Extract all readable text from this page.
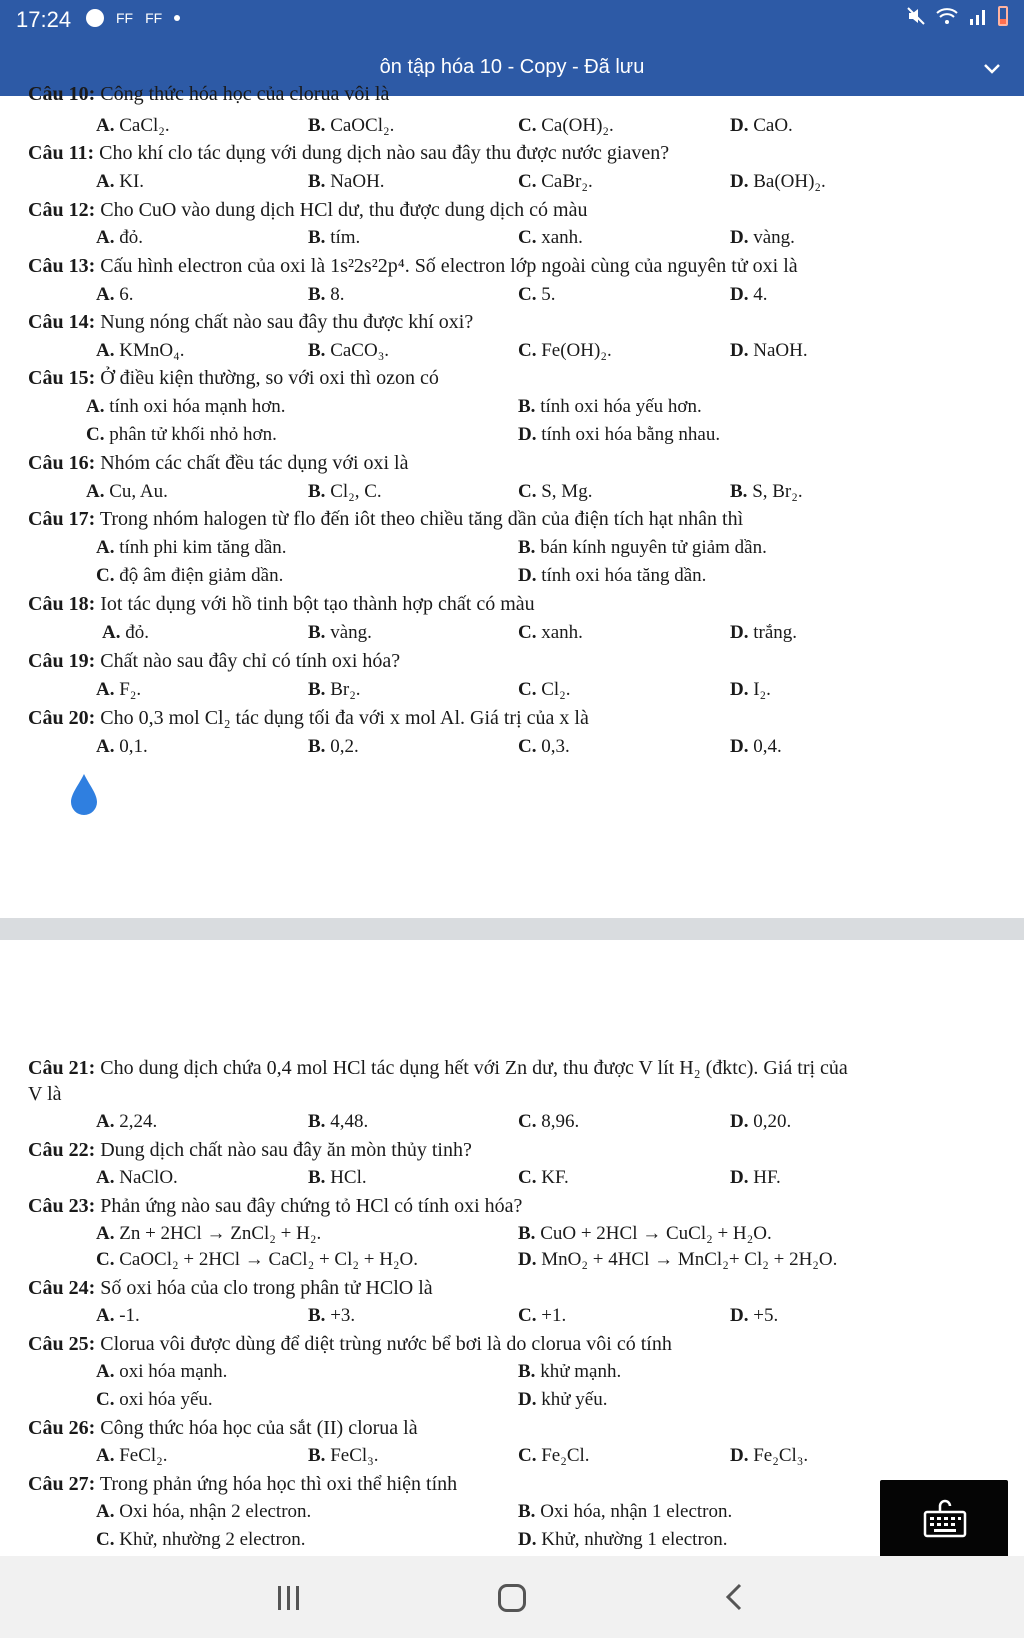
17:24	FF FF
ôn tập hóa 10 - Copy - Đã lưu
Câu 10: Công thức hóa học của clorua vôi là
A. CaCl₂.	B. CaOCl₂.	C. Ca(OH)₂.	D. CaO.
Câu 11: Cho khí clo tác dụng với dung dịch nào sau đây thu được nước giaven?
A. KI.	B. NaOH.	C. CaBr₂.	D. Ba(OH)₂.
Câu 12: Cho CuO vào dung dịch HCl dư, thu được dung dịch có màu
A. đỏ.	B. tím.	C. xanh.	D. vàng.
Câu 13: Cấu hình electron của oxi là 1s²2s²2p⁴. Số electron lớp ngoài cùng của nguyên tử oxi là
A. 6.	B. 8.	C. 5.	D. 4.
Câu 14: Nung nóng chất nào sau đây thu được khí oxi?
A. KMnO₄.	B. CaCO₃.	C. Fe(OH)₂.	D. NaOH.
Câu 15: Ở điều kiện thường, so với oxi thì ozon có
A. tính oxi hóa mạnh hơn.	B. tính oxi hóa yếu hơn.
C. phân tử khối nhỏ hơn.	D. tính oxi hóa bằng nhau.
Câu 16: Nhóm các chất đều tác dụng với oxi là
A. Cu, Au.	B. Cl₂, C.	C. S, Mg.	B. S, Br₂.
Câu 17: Trong nhóm halogen từ flo đến iôt theo chiều tăng dần của điện tích hạt nhân thì
A. tính phi kim tăng dần.	B. bán kính nguyên tử giảm dần.
C. độ âm điện giảm dần.	D. tính oxi hóa tăng dần.
Câu 18: Iot tác dụng với hồ tinh bột tạo thành hợp chất có màu
A. đỏ.	B. vàng.	C. xanh.	D. trắng.
Câu 19: Chất nào sau đây chỉ có tính oxi hóa?
A. F₂.	B. Br₂.	C. Cl₂.	D. I₂.
Câu 20: Cho 0,3 mol Cl₂ tác dụng tối đa với x mol Al. Giá trị của x là
A. 0,1.	B. 0,2.	C. 0,3.	D. 0,4.
Câu 21: Cho dung dịch chứa 0,4 mol HCl tác dụng hết với Zn dư, thu được V lít H₂ (đktc). Giá trị của
V là
A. 2,24.	B. 4,48.	C. 8,96.	D. 0,20.
Câu 22: Dung dịch chất nào sau đây ăn mòn thủy tinh?
A. NaClO.	B. HCl.	C. KF.	D. HF.
Câu 23: Phản ứng nào sau đây chứng tỏ HCl có tính oxi hóa?
A. Zn + 2HCl → ZnCl₂ + H₂.	B. CuO + 2HCl → CuCl₂ + H₂O.
C. CaOCl₂ + 2HCl → CaCl₂ + Cl₂ + H₂O.	D. MnO₂ + 4HCl → MnCl₂+ Cl₂ + 2H₂O.
Câu 24: Số oxi hóa của clo trong phân tử HClO là
A. -1.	B. +3.	C. +1.	D. +5.
Câu 25: Clorua vôi được dùng để diệt trùng nước bể bơi là do clorua vôi có tính
A. oxi hóa mạnh.	B. khử mạnh.
C. oxi hóa yếu.	D. khử yếu.
Câu 26: Công thức hóa học của sắt (II) clorua là
A. FeCl₂.	B. FeCl₃.	C. Fe₂Cl.	D. Fe₂Cl₃.
Câu 27: Trong phản ứng hóa học thì oxi thể hiện tính
A. Oxi hóa, nhận 2 electron.	B. Oxi hóa, nhận 1 electron.
C. Khử, nhường 2 electron.	D. Khử, nhường 1 electron.
